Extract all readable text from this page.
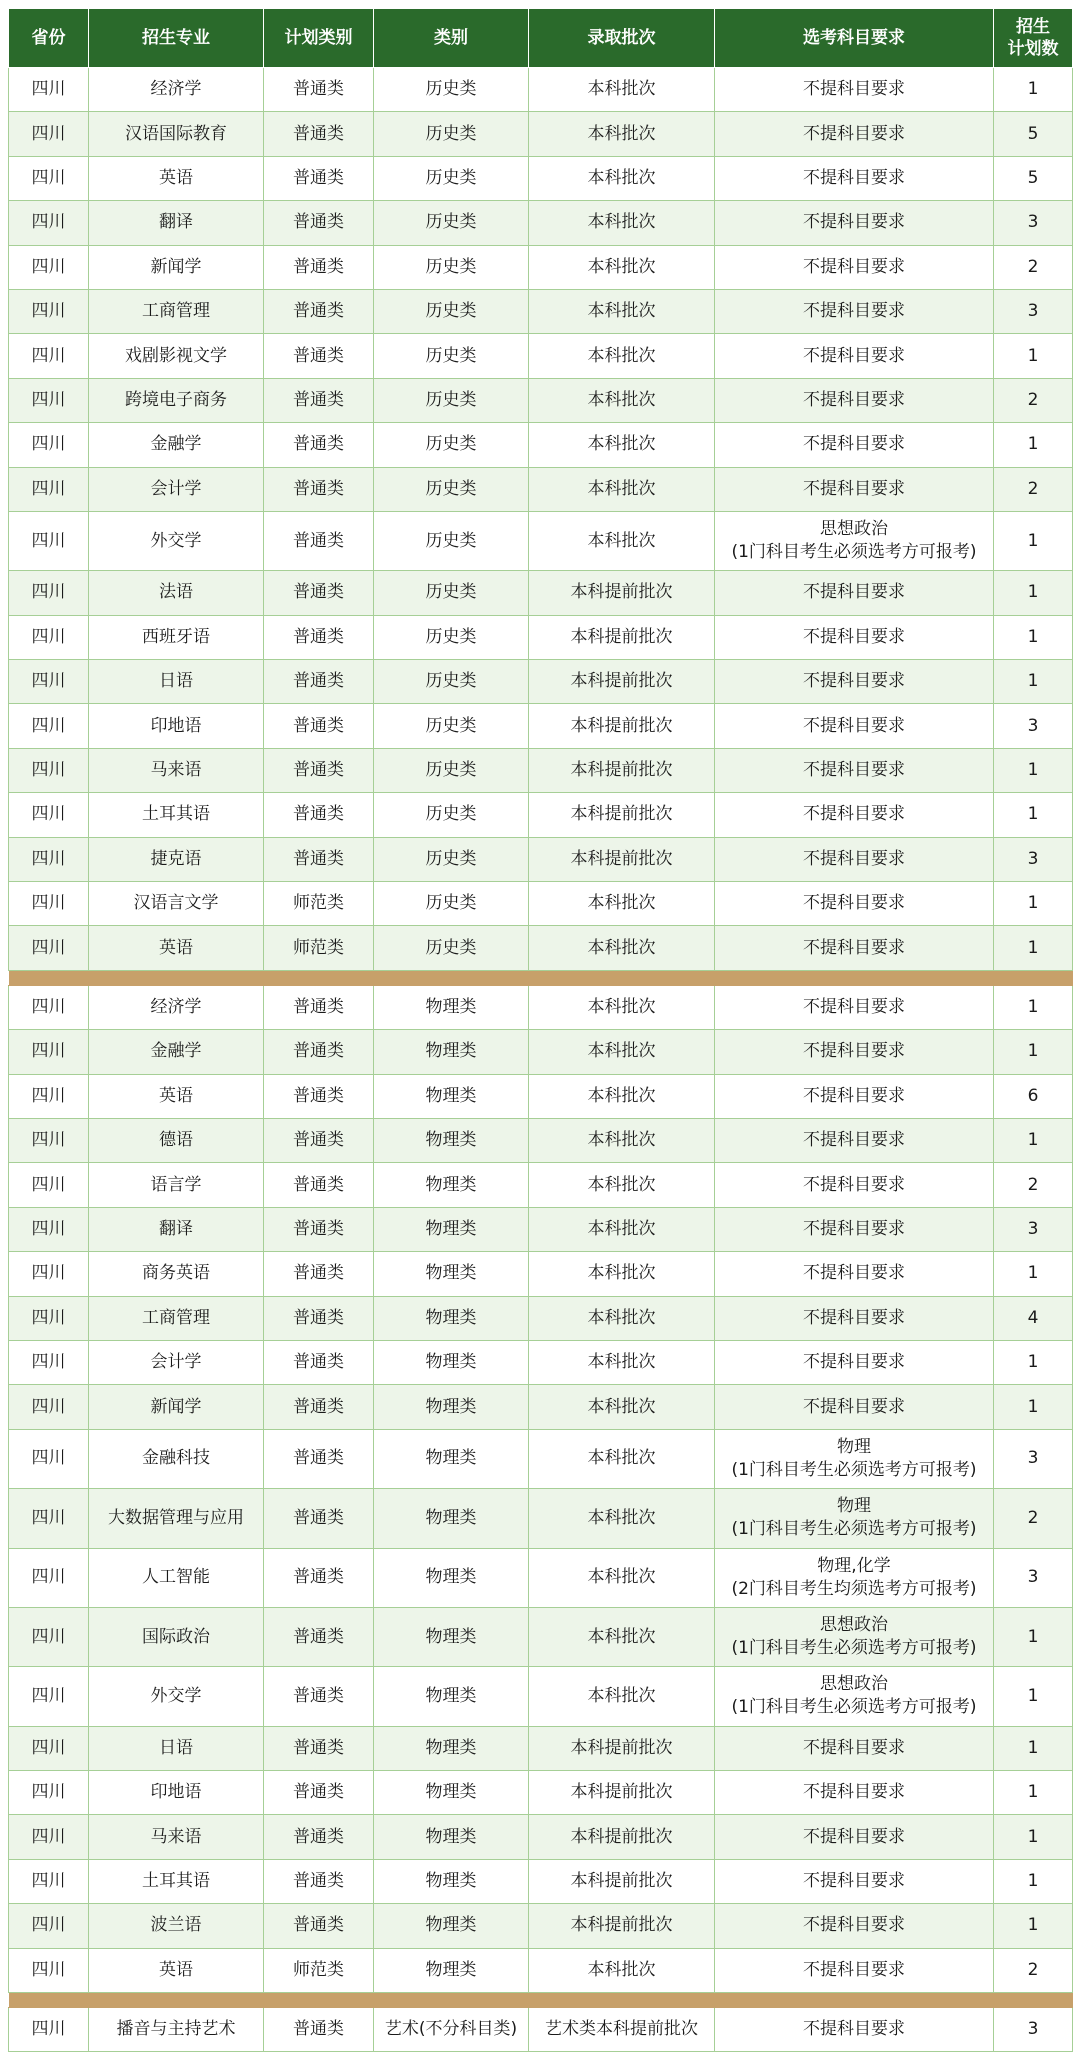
省份	招生专业	计划类别	类别	录取批次	选考科目要求	招生
计划数

四川	经济学	普通类	历史类	本科批次	不提科目要求	1
四川	汉语国际教育	普通类	历史类	本科批次	不提科目要求	5
四川	英语	普通类	历史类	本科批次	不提科目要求	5
四川	翻译	普通类	历史类	本科批次	不提科目要求	3
四川	新闻学	普通类	历史类	本科批次	不提科目要求	2
四川	工商管理	普通类	历史类	本科批次	不提科目要求	3
四川	戏剧影视文学	普通类	历史类	本科批次	不提科目要求	1
四川	跨境电子商务	普通类	历史类	本科批次	不提科目要求	2
四川	金融学	普通类	历史类	本科批次	不提科目要求	1
四川	会计学	普通类	历史类	本科批次	不提科目要求	2
四川	外交学	普通类	历史类	本科批次	思想政治
(1门科目考生必须选考方可报考)	1
四川	法语	普通类	历史类	本科提前批次	不提科目要求	1
四川	西班牙语	普通类	历史类	本科提前批次	不提科目要求	1
四川	日语	普通类	历史类	本科提前批次	不提科目要求	1
四川	印地语	普通类	历史类	本科提前批次	不提科目要求	3
四川	马来语	普通类	历史类	本科提前批次	不提科目要求	1
四川	土耳其语	普通类	历史类	本科提前批次	不提科目要求	1
四川	捷克语	普通类	历史类	本科提前批次	不提科目要求	3
四川	汉语言文学	师范类	历史类	本科批次	不提科目要求	1
四川	英语	师范类	历史类	本科批次	不提科目要求	1

四川	经济学	普通类	物理类	本科批次	不提科目要求	1
四川	金融学	普通类	物理类	本科批次	不提科目要求	1
四川	英语	普通类	物理类	本科批次	不提科目要求	6
四川	德语	普通类	物理类	本科批次	不提科目要求	1
四川	语言学	普通类	物理类	本科批次	不提科目要求	2
四川	翻译	普通类	物理类	本科批次	不提科目要求	3
四川	商务英语	普通类	物理类	本科批次	不提科目要求	1
四川	工商管理	普通类	物理类	本科批次	不提科目要求	4
四川	会计学	普通类	物理类	本科批次	不提科目要求	1
四川	新闻学	普通类	物理类	本科批次	不提科目要求	1
四川	金融科技	普通类	物理类	本科批次	物理
(1门科目考生必须选考方可报考)	3
四川	大数据管理与应用	普通类	物理类	本科批次	物理
(1门科目考生必须选考方可报考)	2
四川	人工智能	普通类	物理类	本科批次	物理,化学
(2门科目考生均须选考方可报考)	3
四川	国际政治	普通类	物理类	本科批次	思想政治
(1门科目考生必须选考方可报考)	1
四川	外交学	普通类	物理类	本科批次	思想政治
(1门科目考生必须选考方可报考)	1
四川	日语	普通类	物理类	本科提前批次	不提科目要求	1
四川	印地语	普通类	物理类	本科提前批次	不提科目要求	1
四川	马来语	普通类	物理类	本科提前批次	不提科目要求	1
四川	土耳其语	普通类	物理类	本科提前批次	不提科目要求	1
四川	波兰语	普通类	物理类	本科提前批次	不提科目要求	1
四川	英语	师范类	物理类	本科批次	不提科目要求	2

四川	播音与主持艺术	普通类	艺术(不分科目类)	艺术类本科提前批次	不提科目要求	3
